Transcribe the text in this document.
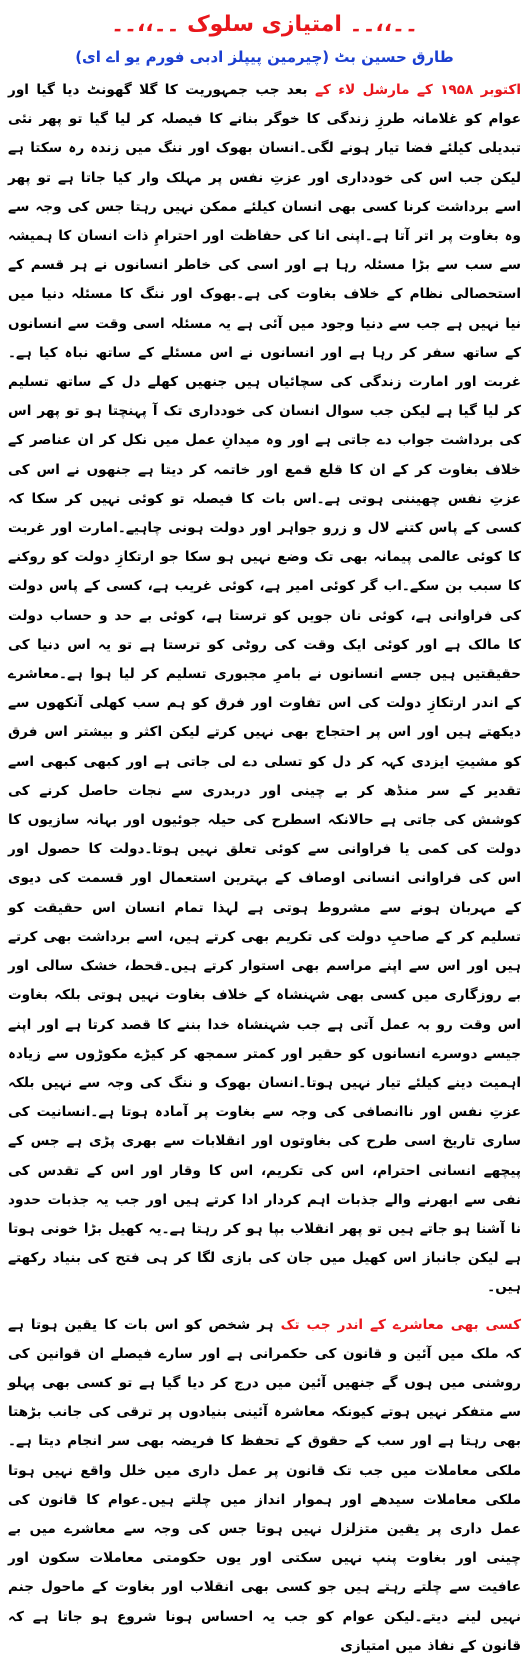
۔۔،،۔۔ امتیازی سلوک ۔۔،،۔۔
طارق حسین بٹ (چیرمین پیپلز ادبی فورم یو اے ای)

اکتوبر ۱۹۵۸ کے مارشل لاء کے بعد جب جمہوریت کا گلا گھونٹ دیا گیا اور عوام کو غلامانہ طرزِ زندگی کا خوگر بنانے کا فیصلہ کر لیا گیا تو پھر نئی تبدیلی کیلئے فضا تیار ہونے لگی۔انسان بھوک اور ننگ میں زندہ رہ سکتا ہے لیکن جب اس کی خودداری اور عزتِ نفس پر مہلک وار کیا جاتا ہے تو پھر اسے برداشت کرنا کسی بھی انسان کیلئے ممکن نہیں رہتا جس کی وجہ سے وہ بغاوت پر اتر آتا ہے۔اپنی انا کی حفاظت اور احترامِ ذات انسان کا ہمیشہ سے سب سے بڑا مسئلہ رہا ہے اور اسی کی خاطر انسانوں نے ہر قسم کے استحصالی نظام کے خلاف بغاوت کی ہے۔بھوک اور ننگ کا مسئلہ دنیا میں نیا نہیں ہے جب سے دنیا وجود میں آئی ہے یہ مسئلہ اسی وقت سے انسانوں کے ساتھ سفر کر رہا ہے اور انسانوں نے اس مسئلے کے ساتھ نباہ کیا ہے۔غربت اور امارت زندگی کی سچائیاں ہیں جنھیں کھلے دل کے ساتھ تسلیم کر لیا گیا ہے لیکن جب سوال انسان کی خودداری تک آ پہنچتا ہو تو پھر اس کی برداشت جواب دے جاتی ہے اور وہ میدانِ عمل میں نکل کر ان عناصر کے خلاف بغاوت کر کے ان کا قلع قمع اور خاتمہ کر دیتا ہے جنھوں نے اس کی عزتِ نفس چھیننی ہوتی ہے۔اس بات کا فیصلہ تو کوئی نہیں کر سکا کہ کسی کے پاس کتنے لال و زرو جواہر اور دولت ہونی چاہیے۔امارت اور غربت کا کوئی عالمی پیمانہ بھی تک وضع نہیں ہو سکا جو ارتکازِ دولت کو روکنے کا سبب بن سکے۔اب گر کوئی امیر ہے، کوئی غریب ہے، کسی کے پاس دولت کی فراوانی ہے، کوئی نان جویں کو ترستا ہے، کوئی بے حد و حساب دولت کا مالک ہے اور کوئی ایک وقت کی روٹی کو ترستا ہے تو یہ اس دنیا کی حقیقتیں ہیں جسے انسانوں نے بامرِ مجبوری تسلیم کر لیا ہوا ہے۔معاشرے کے اندر ارتکازِ دولت کی اس تفاوت اور فرق کو ہم سب کھلی آنکھوں سے دیکھتے ہیں اور اس پر احتجاج بھی نہیں کرتے لیکن اکثر و بیشتر اس فرق کو مشیتِ ایزدی کہہ کر دل کو تسلی دے لی جاتی ہے اور کبھی کبھی اسے تقدیر کے سر منڈھ کر بے چینی اور دربدری سے نجات حاصل کرنے کی کوشش کی جاتی ہے حالانکہ اسطرح کی حیلہ جوئیوں اور بہانہ سازیوں کا دولت کی کمی یا فراوانی سے کوئی تعلق نہیں ہوتا۔دولت کا حصول اور اس کی فراوانی انسانی اوصاف کے بہترین استعمال اور قسمت کی دیوی کے مہربان ہونے سے مشروط ہوتی ہے لہذا تمام انسان اس حقیقت کو تسلیم کر کے صاحبِ دولت کی تکریم بھی کرتے ہیں، اسے برداشت بھی کرتے ہیں اور اس سے اپنے مراسم بھی استوار کرتے ہیں۔قحط، خشک سالی اور بے روزگاری میں کسی بھی شہنشاہ کے خلاف بغاوت نہیں ہوتی بلکہ بغاوت اس وقت رو بہ عمل آتی ہے جب شہنشاہ خدا بننے کا قصد کرتا ہے اور اپنے جیسے دوسرے انسانوں کو حقیر اور کمتر سمجھ کر کیڑے مکوڑوں سے زیادہ اہمیت دینے کیلئے تیار نہیں ہوتا۔انسان بھوک و ننگ کی وجہ سے نہیں بلکہ عزتِ نفس اور ناانصافی کی وجہ سے بغاوت پر آمادہ ہوتا ہے۔انسانیت کی ساری تاریخ اسی طرح کی بغاوتوں اور انقلابات سے بھری پڑی ہے جس کے پیچھے انسانی احترام، اس کی تکریم، اس کا وقار اور اس کے تقدس کی نفی سے ابھرنے والے جذبات اہم کردار ادا کرتے ہیں اور جب یہ جذبات حدود نا آشنا ہو جاتے ہیں تو پھر انقلاب بپا ہو کر رہتا ہے۔یہ کھیل بڑا خونی ہوتا ہے لیکن جانباز اس کھیل میں جان کی بازی لگا کر ہی فتح کی بنیاد رکھتے ہیں۔

کسی بھی معاشرے کے اندر جب تک ہر شخص کو اس بات کا یقین ہوتا ہے کہ ملک میں آئین و قانون کی حکمرانی ہے اور سارے فیصلے ان قوانین کی روشنی میں ہوں گے جنھیں آئین میں درج کر دیا گیا ہے تو کسی بھی پہلو سے متفکر نہیں ہوتے کیونکہ معاشرہ آئینی بنیادوں پر ترقی کی جانب بڑھتا بھی رہتا ہے اور سب کے حقوق کے تحفظ کا فریضہ بھی سر انجام دیتا ہے۔ملکی معاملات میں جب تک قانون پر عمل داری میں خلل واقع نہیں ہوتا ملکی معاملات سیدھے اور ہموار انداز میں چلتے ہیں۔عوام کا قانون کی عمل داری پر یقین متزلزل نہیں ہوتا جس کی وجہ سے معاشرے میں بے چینی اور بغاوت پنپ نہیں سکتی اور یوں حکومتی معاملات سکون اور عافیت سے چلتے رہتے ہیں جو کسی بھی انقلاب اور بغاوت کے ماحول جنم نہیں لینے دیتے۔لیکن عوام کو جب یہ احساس ہونا شروع ہو جاتا ہے کہ قانون کے نفاذ میں امتیازی
